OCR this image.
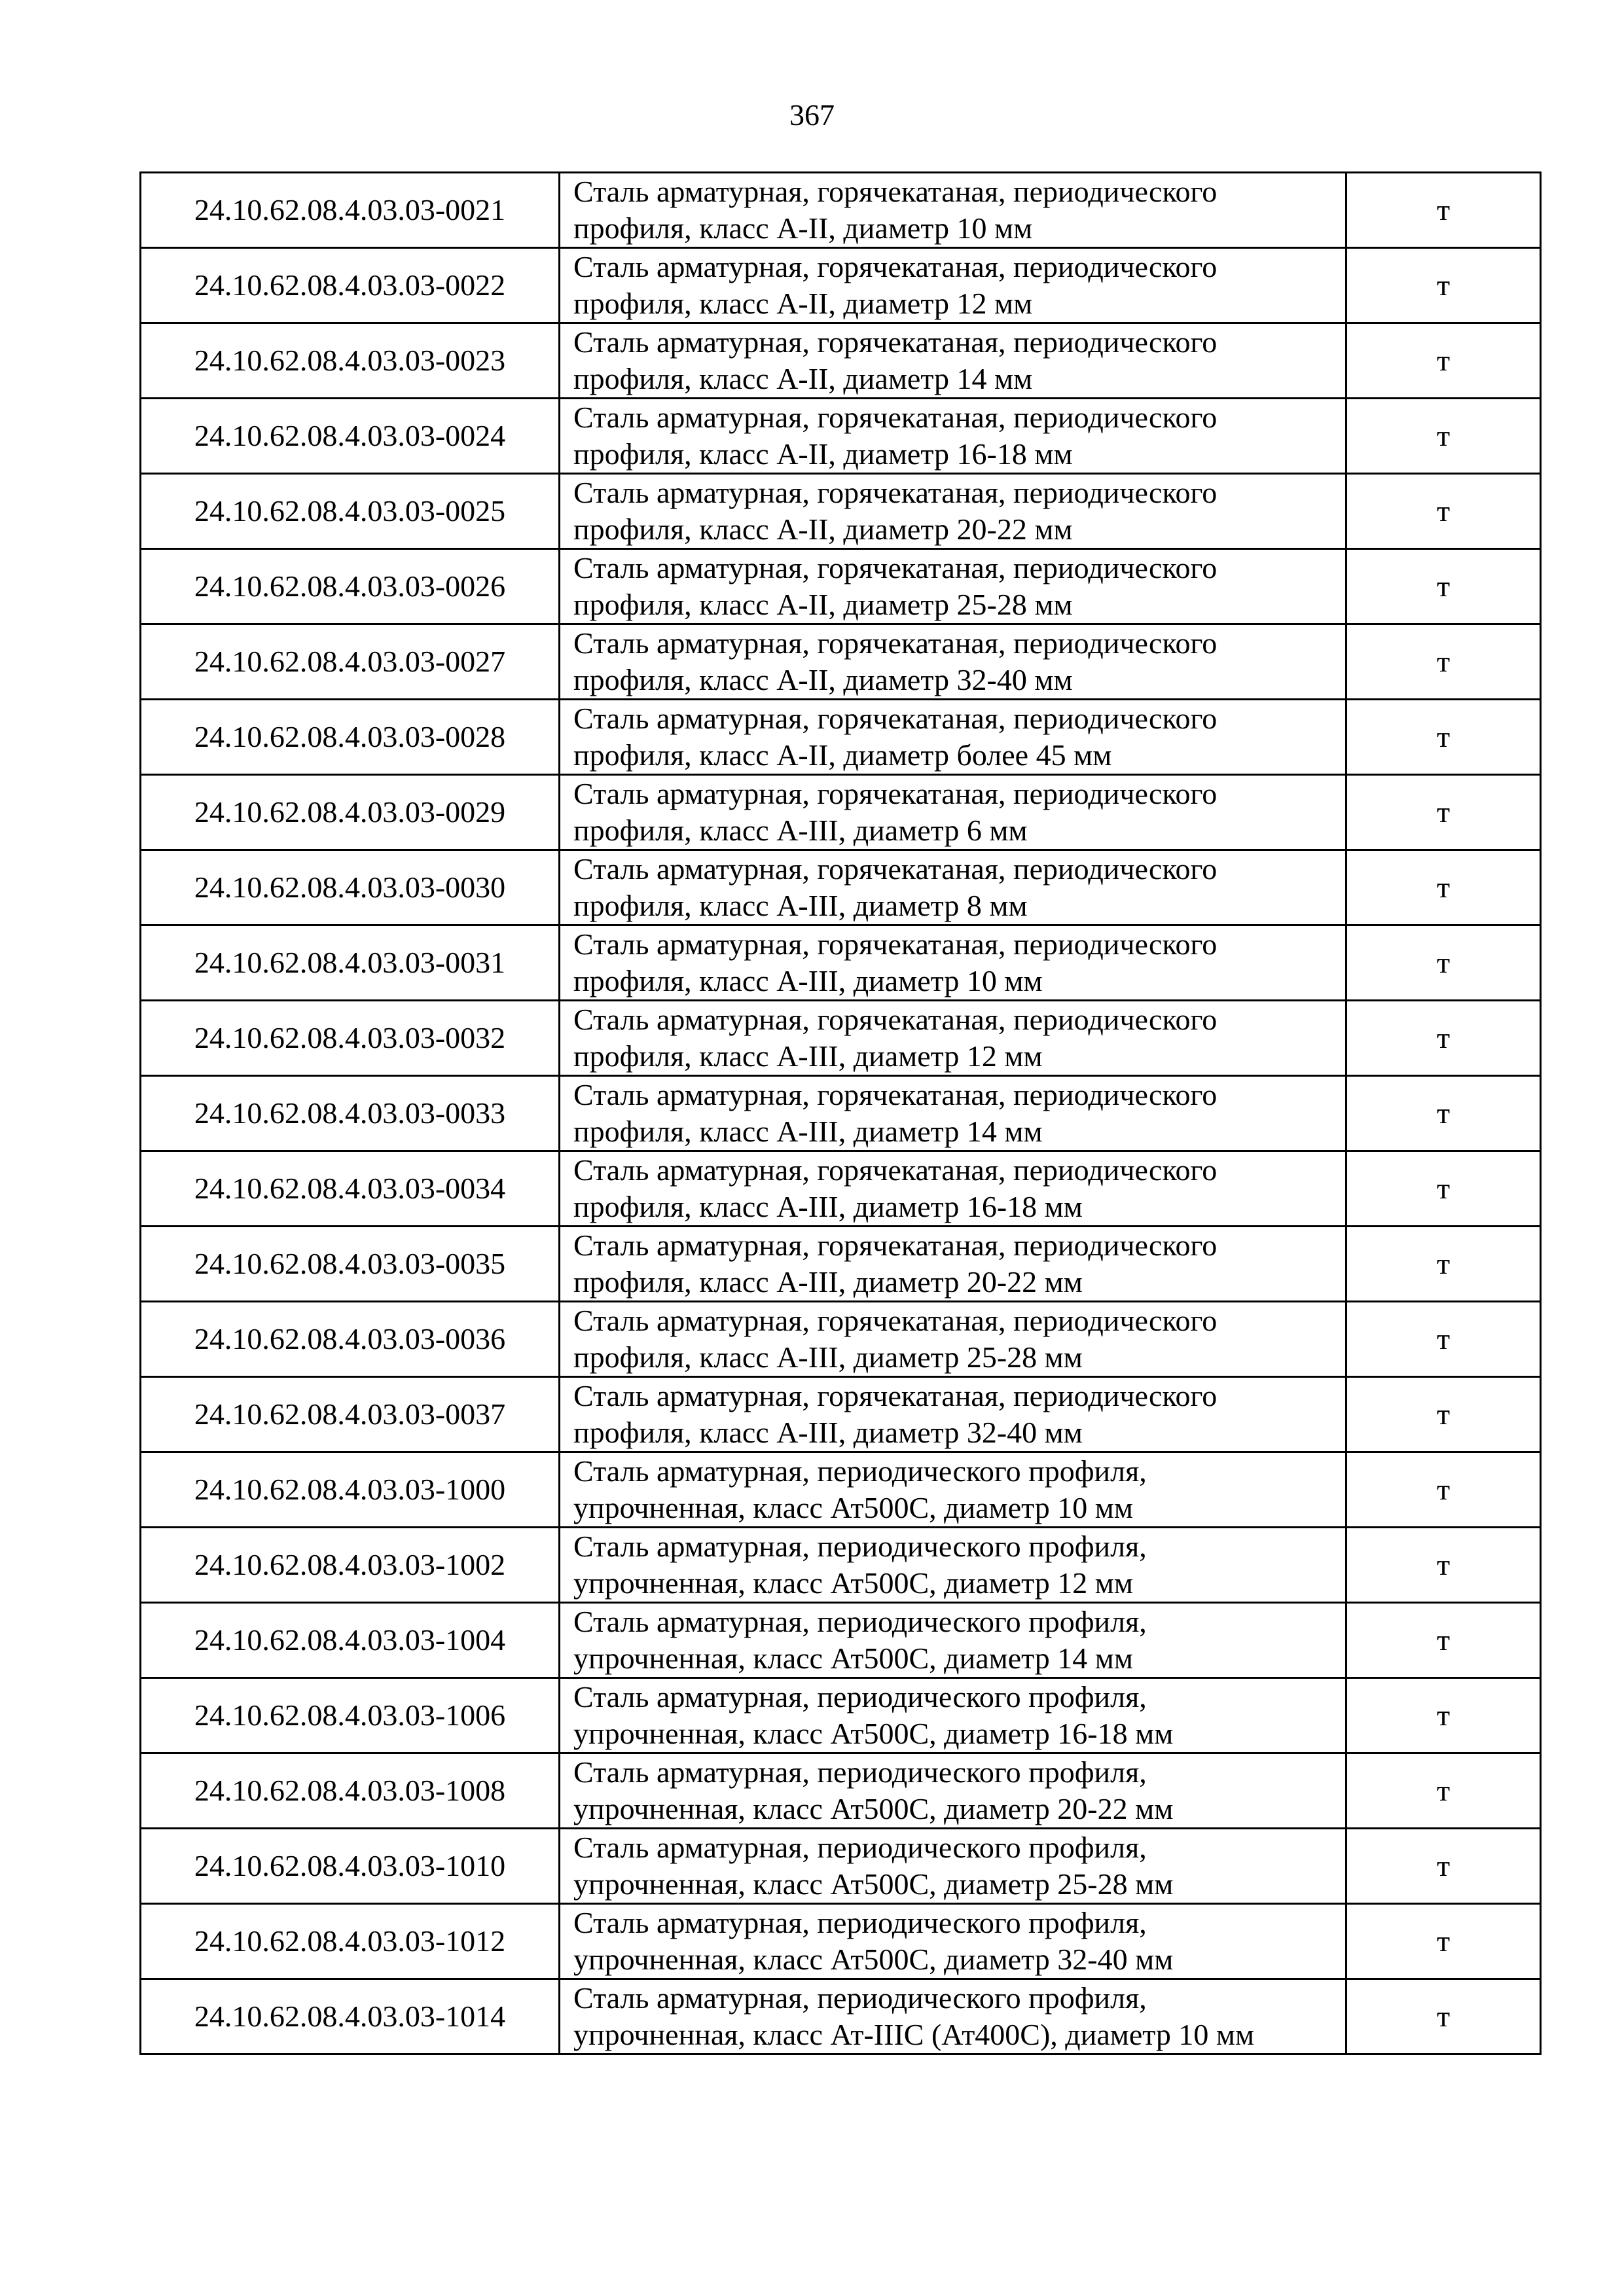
367
24.10.62.08.4.03.03-0021	Сталь арматурная, горячекатаная, периодического
профиля, класс А-II, диаметр 10 мм	т
24.10.62.08.4.03.03-0022	Сталь арматурная, горячекатаная, периодического
профиля, класс А-II, диаметр 12 мм	т
24.10.62.08.4.03.03-0023	Сталь арматурная, горячекатаная, периодического
профиля, класс А-II, диаметр 14 мм	т
24.10.62.08.4.03.03-0024	Сталь арматурная, горячекатаная, периодического
профиля, класс А-II, диаметр 16-18 мм	т
24.10.62.08.4.03.03-0025	Сталь арматурная, горячекатаная, периодического
профиля, класс А-II, диаметр 20-22 мм	т
24.10.62.08.4.03.03-0026	Сталь арматурная, горячекатаная, периодического
профиля, класс А-II, диаметр 25-28 мм	т
24.10.62.08.4.03.03-0027	Сталь арматурная, горячекатаная, периодического
профиля, класс А-II, диаметр 32-40 мм	т
24.10.62.08.4.03.03-0028	Сталь арматурная, горячекатаная, периодического
профиля, класс А-II, диаметр более 45 мм	т
24.10.62.08.4.03.03-0029	Сталь арматурная, горячекатаная, периодического
профиля, класс А-III, диаметр 6 мм	т
24.10.62.08.4.03.03-0030	Сталь арматурная, горячекатаная, периодического
профиля, класс А-III, диаметр 8 мм	т
24.10.62.08.4.03.03-0031	Сталь арматурная, горячекатаная, периодического
профиля, класс А-III, диаметр 10 мм	т
24.10.62.08.4.03.03-0032	Сталь арматурная, горячекатаная, периодического
профиля, класс А-III, диаметр 12 мм	т
24.10.62.08.4.03.03-0033	Сталь арматурная, горячекатаная, периодического
профиля, класс А-III, диаметр 14 мм	т
24.10.62.08.4.03.03-0034	Сталь арматурная, горячекатаная, периодического
профиля, класс А-III, диаметр 16-18 мм	т
24.10.62.08.4.03.03-0035	Сталь арматурная, горячекатаная, периодического
профиля, класс А-III, диаметр 20-22 мм	т
24.10.62.08.4.03.03-0036	Сталь арматурная, горячекатаная, периодического
профиля, класс А-III, диаметр 25-28 мм	т
24.10.62.08.4.03.03-0037	Сталь арматурная, горячекатаная, периодического
профиля, класс А-III, диаметр 32-40 мм	т
24.10.62.08.4.03.03-1000	Сталь арматурная, периодического профиля,
упрочненная, класс Ат500С, диаметр 10 мм	т
24.10.62.08.4.03.03-1002	Сталь арматурная, периодического профиля,
упрочненная, класс Ат500С, диаметр 12 мм	т
24.10.62.08.4.03.03-1004	Сталь арматурная, периодического профиля,
упрочненная, класс Ат500С, диаметр 14 мм	т
24.10.62.08.4.03.03-1006	Сталь арматурная, периодического профиля,
упрочненная, класс Ат500С, диаметр 16-18 мм	т
24.10.62.08.4.03.03-1008	Сталь арматурная, периодического профиля,
упрочненная, класс Ат500С, диаметр 20-22 мм	т
24.10.62.08.4.03.03-1010	Сталь арматурная, периодического профиля,
упрочненная, класс Ат500С, диаметр 25-28 мм	т
24.10.62.08.4.03.03-1012	Сталь арматурная, периодического профиля,
упрочненная, класс Ат500С, диаметр 32-40 мм	т
24.10.62.08.4.03.03-1014	Сталь арматурная, периодического профиля,
упрочненная, класс Ат-IIIС (Ат400С), диаметр 10 мм	т
